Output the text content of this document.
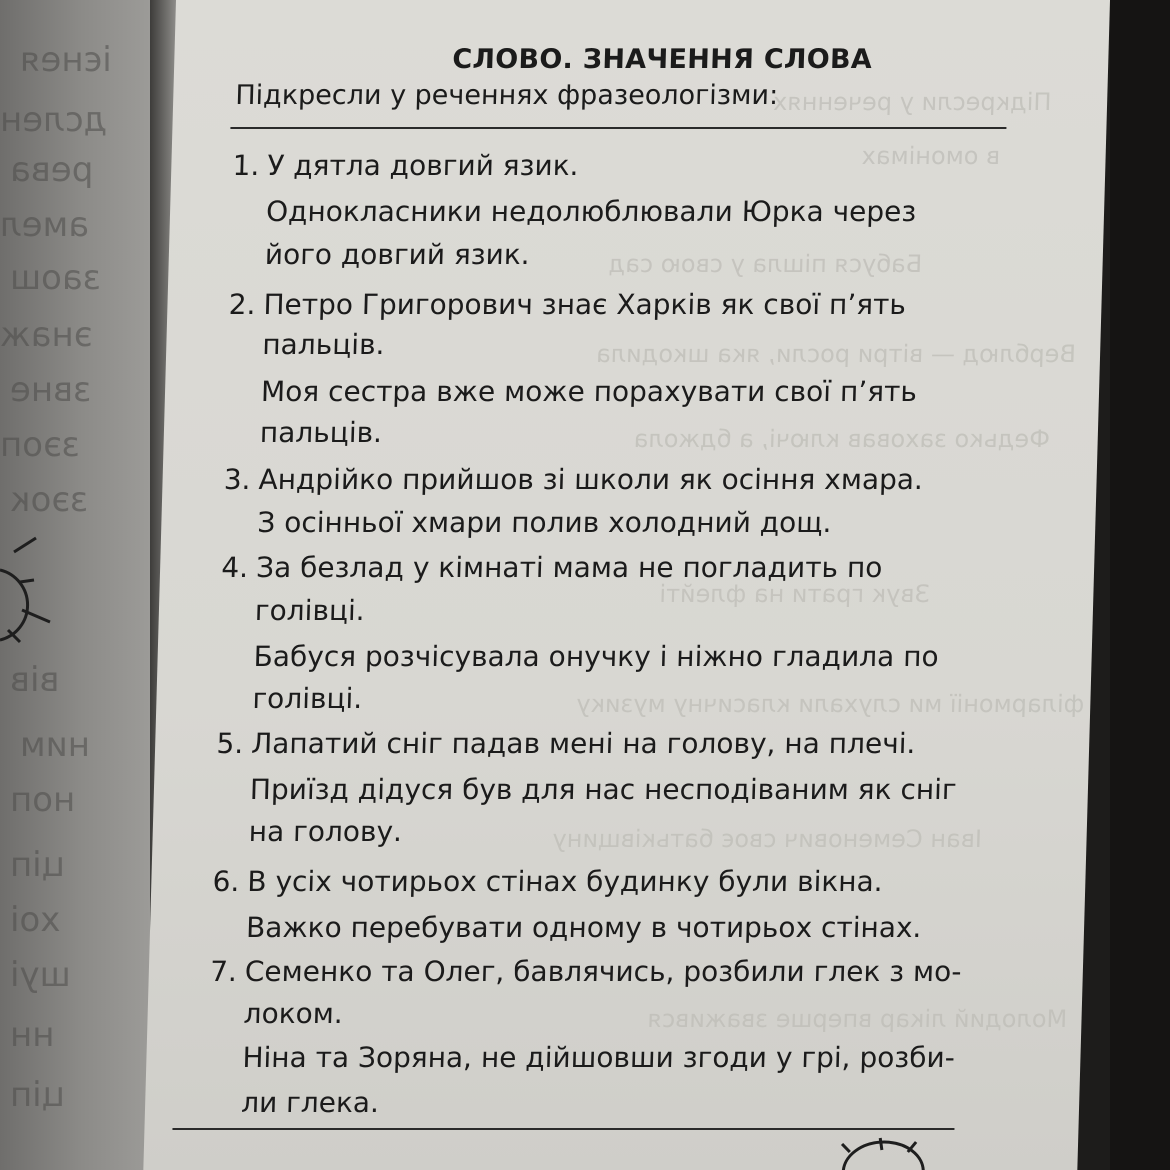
ієнея
дслен
рева
амел
заош
энаж
звне
зэоп
зэок
вів
ним
ноп
ціп
хоі
шуі
нн
ціп
Підкресли у реченнях
в омонімах
Бабуся пішла у свою сад
Верблюд — вітри росли, яка шкодила
Федько заховав ключі, а бджола
Звук грати на флейті
У філармонії ми слухали класичну музику
Іван Семенович своє батьківщину
Молодий лікар вперше зважився
СЛОВО. ЗНАЧЕННЯ СЛОВА

Підкресли у реченнях фразеологізми:

1. У дятла довгий язик.
Однокласники недолюблювали Юрка через
його довгий язик.
2. Петро Григорович знає Харків як свої п’ять
пальців.
Моя сестра вже може порахувати свої п’ять
пальців.
3. Андрійко прийшов зі школи як осіння хмара.
З осінньої хмари полив холодний дощ.
4. За безлад у кімнаті мама не погладить по
голівці.
Бабуся розчісувала онучку і ніжно гладила по
голівці.
5. Лапатий сніг падав мені на голову, на плечі.
Приїзд дідуся був для нас несподіваним як сніг
на голову.
6. В усіх чотирьох стінах будинку були вікна.
Важко перебувати одному в чотирьох стінах.
7. Семенко та Олег, бавлячись, розбили глек з мо-
локом.
Ніна та Зоряна, не дійшовши згоди у грі, розби-
ли глека.
